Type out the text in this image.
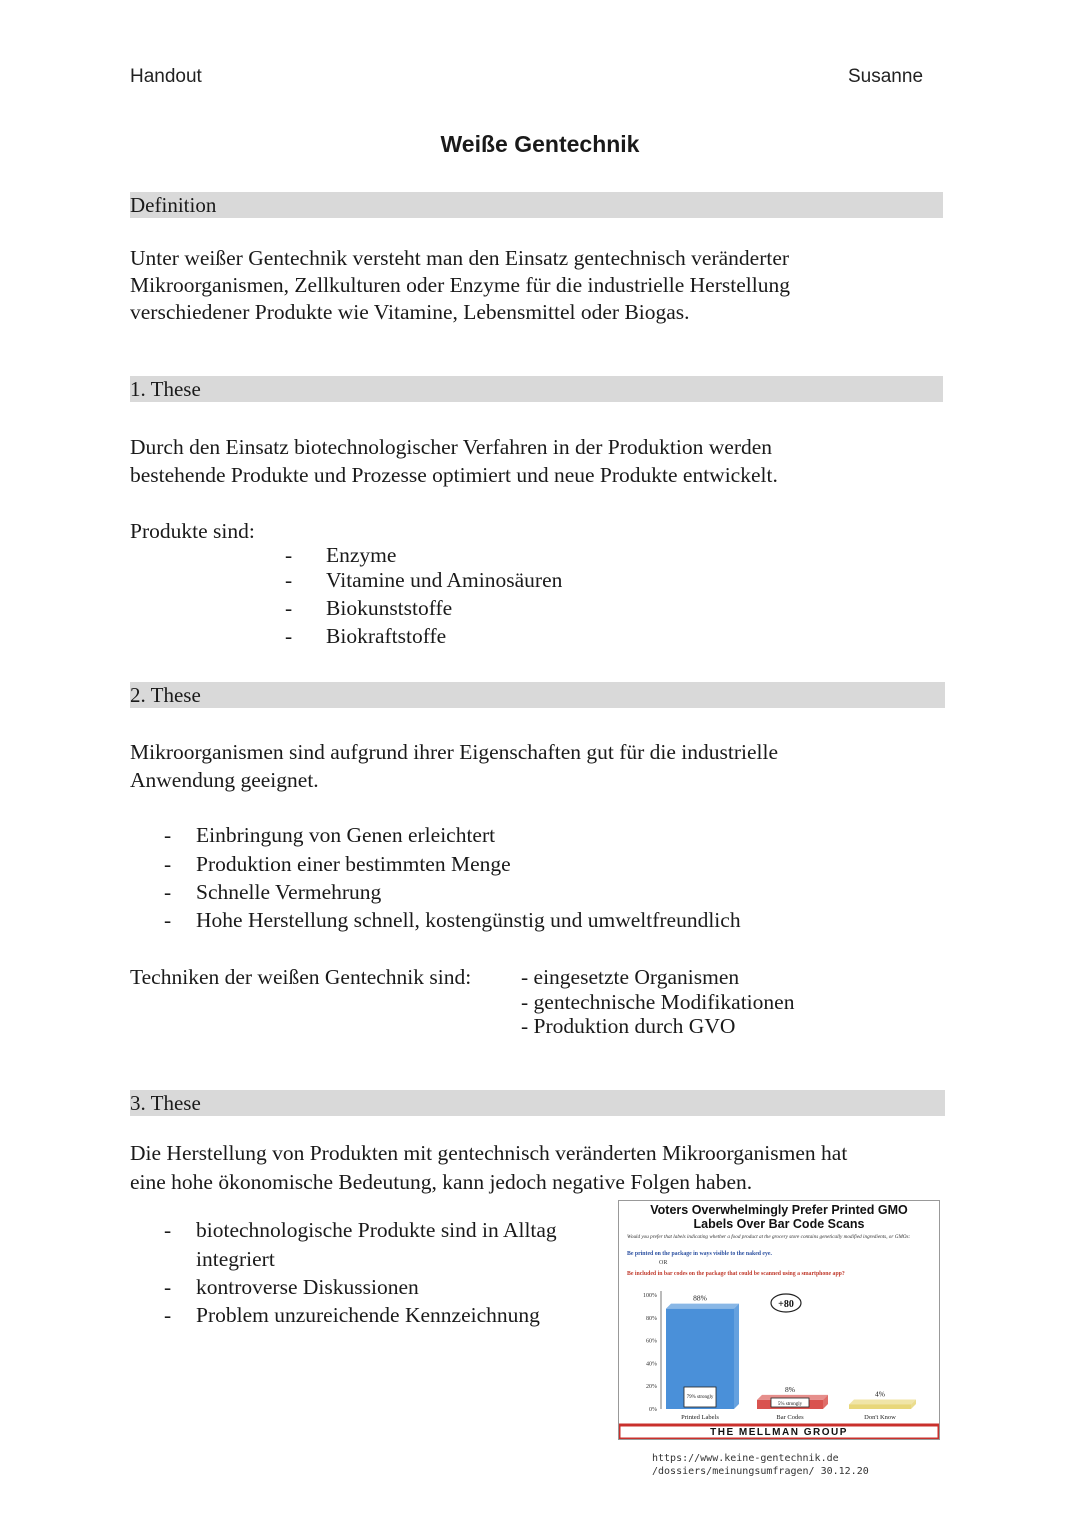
Handout	Susanne
Weiße Gentechnik
Definition

Unter weißer Gentechnik versteht man den Einsatz gentechnisch veränderter

Mikroorganismen, Zellkulturen oder Enzyme für die industrielle Herstellung

verschiedener Produkte wie Vitamine, Lebensmittel oder Biogas.

1. These

Durch den Einsatz biotechnologischer Verfahren in der Produktion werden

bestehende Produkte und Prozesse optimiert und neue Produkte entwickelt.

Produkte sind:
- Enzyme
- Vitamine und Aminosäuren
- Biokunststoffe
- Biokraftstoffe
2. These

Mikroorganismen sind aufgrund ihrer Eigenschaften gut für die industrielle

Anwendung geeignet.

- Einbringung von Genen erleichtert
- Produktion einer bestimmten Menge
- Schnelle Vermehrung
- Hohe Herstellung schnell, kostengünstig und umweltfreundlich
Techniken der weißen Gentechnik sind: - eingesetzte Organismen
- gentechnische Modifikationen
- Produktion durch GVO
3. These

Die Herstellung von Produkten mit gentechnisch veränderten Mikroorganismen hat

eine hohe ökonomische Bedeutung, kann jedoch negative Folgen haben.

- biotechnologische Produkte sind in Alltag
integriert
- kontroverse Diskussionen
- Problem unzureichende Kennzeichnung
Voters Overwhelmingly Prefer Printed GMO
Labels Over Bar Code Scans
Would you prefer that labels indicating whether a food product at the grocery store contains genetically modified ingredients, or GMOs:
Be printed on the package in ways visible to the naked eye.
OR
Be included in bar codes on the package that could be scanned using a smartphone app?
100%
80%
60%
40%
20%
0%
88%
79% strongly
Printed Labels
8%
5% strongly
Bar Codes
4%
Don't Know
+80
THE MELLMAN GROUP
https://www.keine-gentechnik.de
/dossiers/meinungsumfragen/ 30.12.20
